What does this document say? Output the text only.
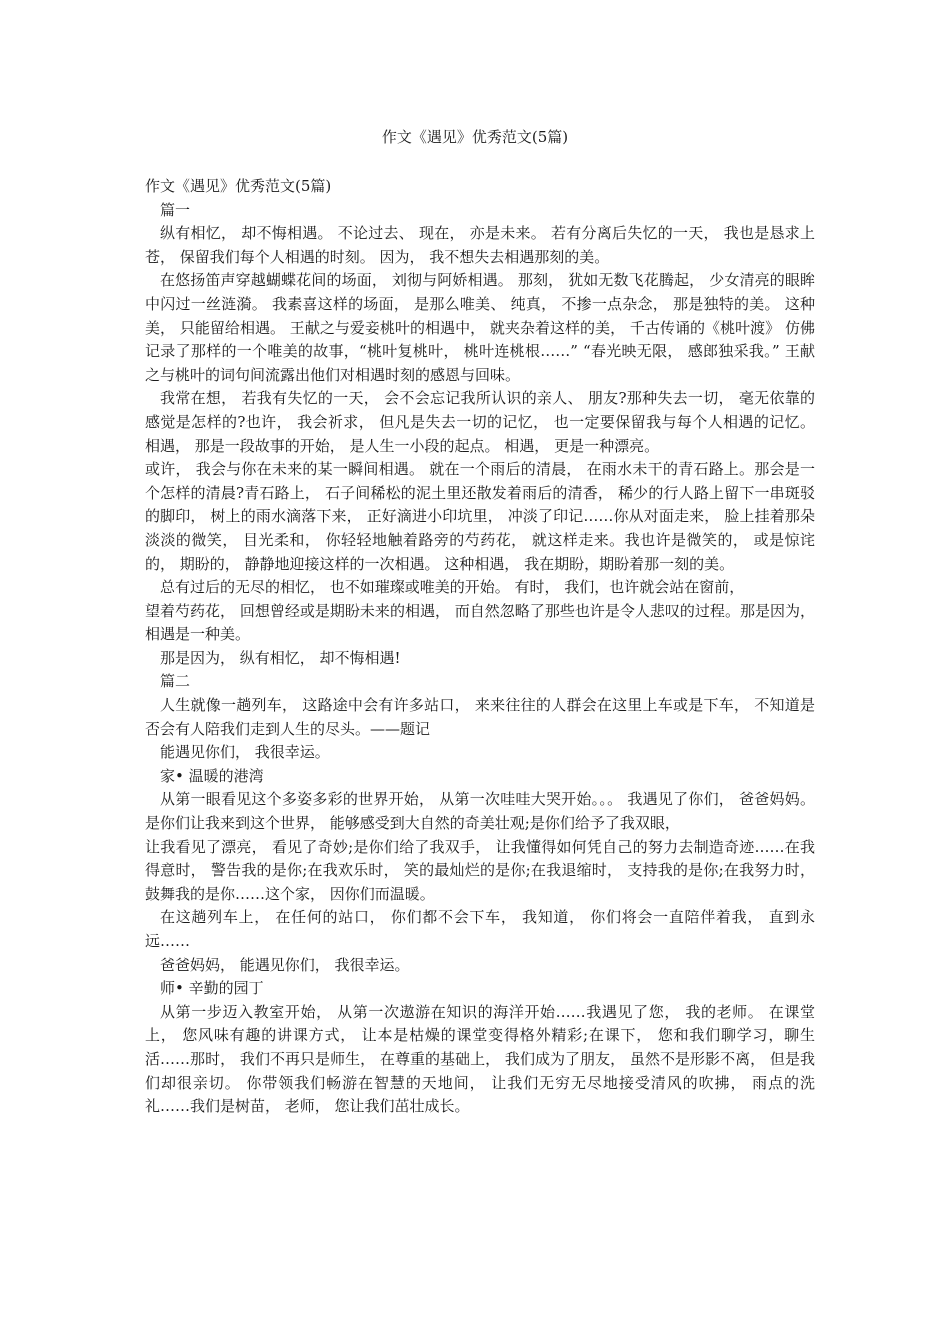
作文《遇见》优秀范文(5篇)

作文《遇见》优秀范文(5篇)

篇一

纵有相忆， 却不悔相遇。 不论过去、 现在， 亦是未来。 若有分离后失忆的一天， 我也是恳求上苍， 保留我们每个人相遇的时刻。 因为， 我不想失去相遇那刻的美。

在悠扬笛声穿越蝴蝶花间的场面， 刘彻与阿娇相遇。 那刻， 犹如无数飞花腾起， 少女清亮的眼眸中闪过一丝涟漪。 我素喜这样的场面， 是那么唯美、 纯真， 不掺一点杂念， 那是独特的美。 这种美， 只能留给相遇。 王献之与爱妾桃叶的相遇中， 就夹杂着这样的美， 千古传诵的《桃叶渡》 仿佛记录了那样的一个唯美的故事，“桃叶复桃叶， 桃叶连桃根……” “春光映无限， 感郎独采我。” 王献之与桃叶的词句间流露出他们对相遇时刻的感恩与回味。

我常在想， 若我有失忆的一天， 会不会忘记我所认识的亲人、 朋友?那种失去一切， 毫无依靠的感觉是怎样的?也许， 我会祈求， 但凡是失去一切的记忆， 也一定要保留我与每个人相遇的记忆。 相遇， 那是一段故事的开始， 是人生一小段的起点。 相遇， 更是一种漂亮。

或许， 我会与你在未来的某一瞬间相遇。 就在一个雨后的清晨， 在雨水未干的青石路上。那会是一个怎样的清晨?青石路上， 石子间稀松的泥土里还散发着雨后的清香， 稀少的行人路上留下一串斑驳的脚印， 树上的雨水滴落下来， 正好滴进小印坑里， 冲淡了印记……你从对面走来， 脸上挂着那朵淡淡的微笑， 目光柔和， 你轻轻地触着路旁的芍药花， 就这样走来。我也许是微笑的， 或是惊诧的， 期盼的， 静静地迎接这样的一次相遇。 这种相遇， 我在期盼，期盼着那一刻的美。

总有过后的无尽的相忆， 也不如璀璨或唯美的开始。 有时， 我们，也许就会站在窗前，

望着芍药花， 回想曾经或是期盼未来的相遇， 而自然忽略了那些也许是令人悲叹的过程。那是因为， 相遇是一种美。

那是因为， 纵有相忆， 却不悔相遇!

篇二

人生就像一趟列车， 这路途中会有许多站口， 来来往往的人群会在这里上车或是下车， 不知道是否会有人陪我们走到人生的尽头。——题记

能遇见你们， 我很幸运。

家• 温暖的港湾

从第一眼看见这个多姿多彩的世界开始， 从第一次哇哇大哭开始。。。 我遇见了你们， 爸爸妈妈。 是你们让我来到这个世界， 能够感受到大自然的奇美壮观;是你们给予了我双眼，

让我看见了漂亮， 看见了奇妙;是你们给了我双手， 让我懂得如何凭自己的努力去制造奇迹……在我得意时， 警告我的是你;在我欢乐时， 笑的最灿烂的是你;在我退缩时， 支持我的是你;在我努力时， 鼓舞我的是你……这个家， 因你们而温暖。

在这趟列车上， 在任何的站口， 你们都不会下车， 我知道， 你们将会一直陪伴着我， 直到永远……

爸爸妈妈， 能遇见你们， 我很幸运。

师• 辛勤的园丁

从第一步迈入教室开始， 从第一次遨游在知识的海洋开始……我遇见了您， 我的老师。 在课堂上， 您风味有趣的讲课方式， 让本是枯燥的课堂变得格外精彩;在课下， 您和我们聊学习，聊生活……那时， 我们不再只是师生， 在尊重的基础上， 我们成为了朋友， 虽然不是形影不离， 但是我们却很亲切。 你带领我们畅游在智慧的天地间， 让我们无穷无尽地接受清风的吹拂， 雨点的洗礼……我们是树苗， 老师， 您让我们茁壮成长。
